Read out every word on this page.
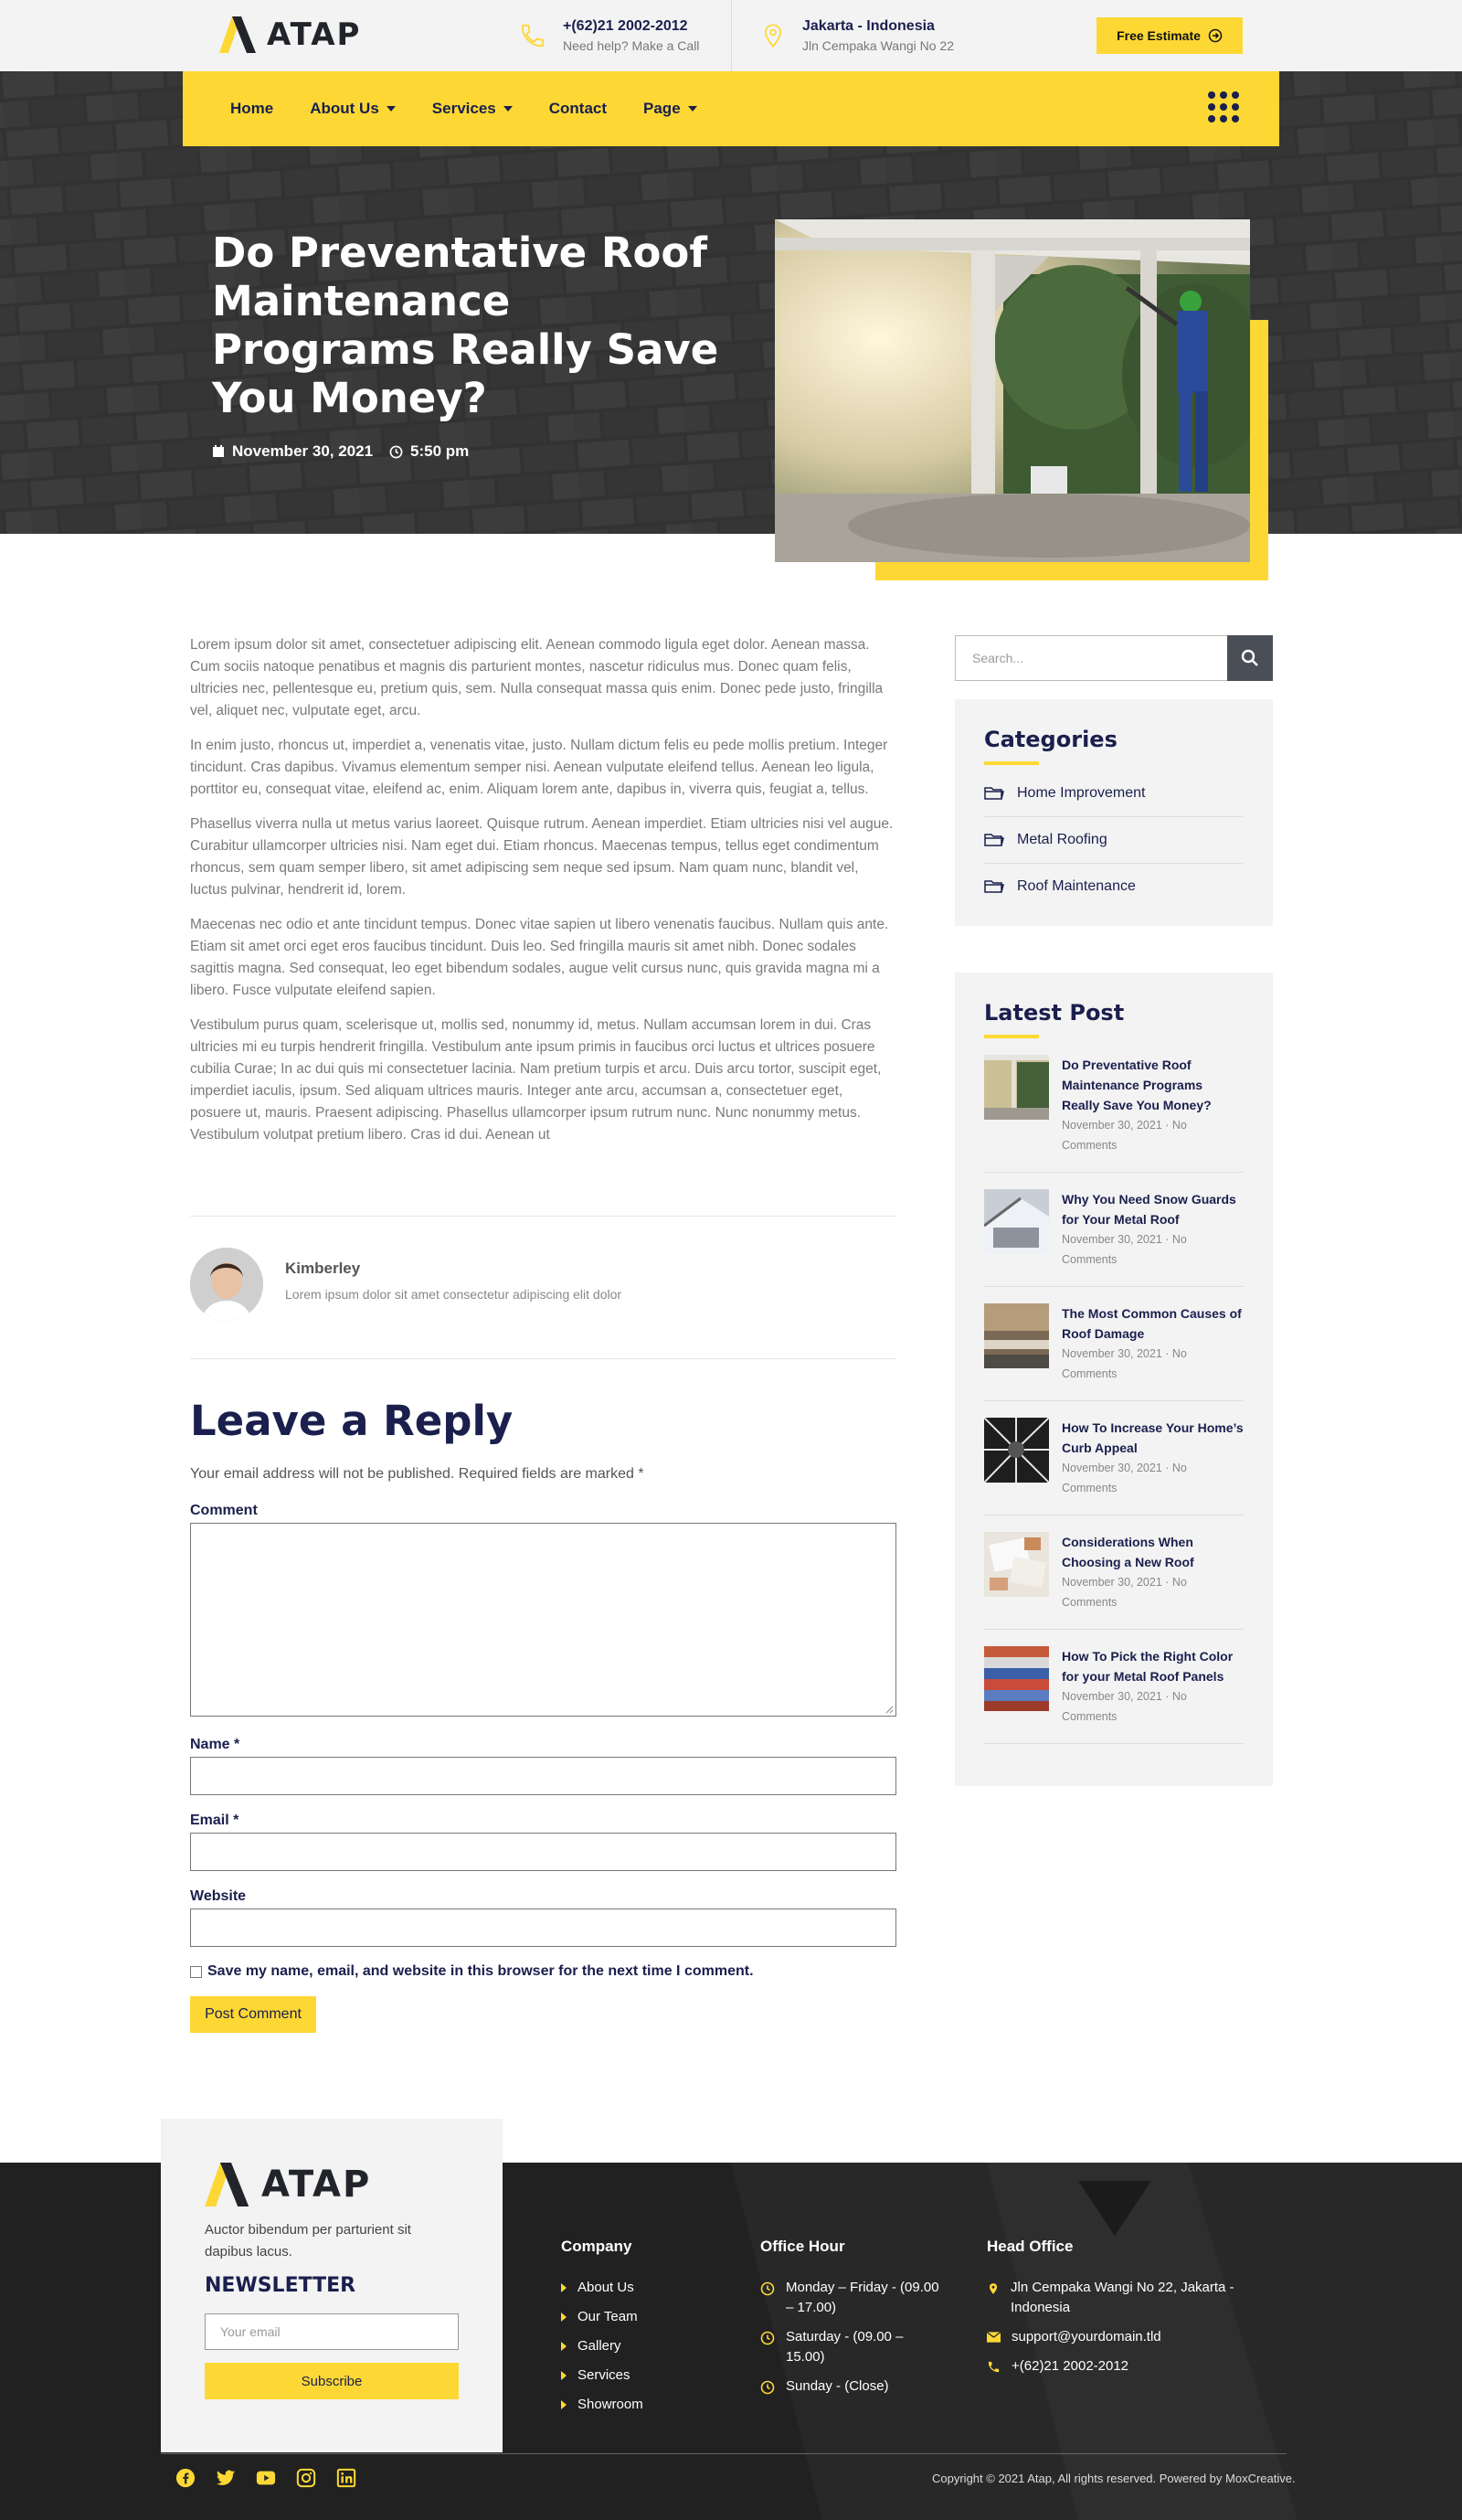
ATAP	+(62)21 2002-2012
Need help? Make a Call
Jakarta - Indonesia
Jln Cempaka Wangi No 22
Free Estimate
Home About Us	Services	Contact Page
Do Preventative Roof Maintenance Programs Really Save You Money?
November 30, 2021 5:50 pm

Lorem ipsum dolor sit amet, consectetuer adipiscing elit. Aenean commodo ligula eget dolor. Aenean massa. Cum sociis natoque penatibus et magnis dis parturient montes, nascetur ridiculus mus. Donec quam felis, ultricies nec, pellentesque eu, pretium quis, sem. Nulla consequat massa quis enim. Donec pede justo, fringilla vel, aliquet nec, vulputate eget, arcu.

In enim justo, rhoncus ut, imperdiet a, venenatis vitae, justo. Nullam dictum felis eu pede mollis pretium. Integer tincidunt. Cras dapibus. Vivamus elementum semper nisi. Aenean vulputate eleifend tellus. Aenean leo ligula, porttitor eu, consequat vitae, eleifend ac, enim. Aliquam lorem ante, dapibus in, viverra quis, feugiat a, tellus.

Phasellus viverra nulla ut metus varius laoreet. Quisque rutrum. Aenean imperdiet. Etiam ultricies nisi vel augue. Curabitur ullamcorper ultricies nisi. Nam eget dui. Etiam rhoncus. Maecenas tempus, tellus eget condimentum rhoncus, sem quam semper libero, sit amet adipiscing sem neque sed ipsum. Nam quam nunc, blandit vel, luctus pulvinar, hendrerit id, lorem.

Maecenas nec odio et ante tincidunt tempus. Donec vitae sapien ut libero venenatis faucibus. Nullam quis ante. Etiam sit amet orci eget eros faucibus tincidunt. Duis leo. Sed fringilla mauris sit amet nibh. Donec sodales sagittis magna. Sed consequat, leo eget bibendum sodales, augue velit cursus nunc, quis gravida magna mi a libero. Fusce vulputate eleifend sapien.

Vestibulum purus quam, scelerisque ut, mollis sed, nonummy id, metus. Nullam accumsan lorem in dui. Cras ultricies mi eu turpis hendrerit fringilla. Vestibulum ante ipsum primis in faucibus orci luctus et ultrices posuere cubilia Curae; In ac dui quis mi consectetuer lacinia. Nam pretium turpis et arcu. Duis arcu tortor, suscipit eget, imperdiet iaculis, ipsum. Sed aliquam ultrices mauris. Integer ante arcu, accumsan a, consectetuer eget, posuere ut, mauris. Praesent adipiscing. Phasellus ullamcorper ipsum rutrum nunc. Nunc nonummy metus. Vestibulum volutpat pretium libero. Cras id dui. Aenean ut

Kimberley
Lorem ipsum dolor sit amet consectetur adipiscing elit dolor
Leave a Reply
Your email address will not be published. Required fields are marked *
Comment
Name *
Email *
Website
Save my name, email, and website in this browser for the next time I comment.
Post Comment
Search...
Categories
Home Improvement
Metal Roofing
Roof Maintenance
Latest Post
Do Preventative Roof Maintenance Programs Really Save You Money?
November 30, 2021 · No Comments
Why You Need Snow Guards for Your Metal Roof
November 30, 2021 · No Comments
The Most Common Causes of Roof Damage
November 30, 2021 · No Comments
How To Increase Your Home’s Curb Appeal
November 30, 2021 · No Comments
Considerations When Choosing a New Roof
November 30, 2021 · No Comments
How To Pick the Right Color for your Metal Roof Panels
November 30, 2021 · No Comments
ATAP
Auctor bibendum per parturient sit dapibus lacus.
NEWSLETTER
Your email
Subscribe
Company
About Us
Our Team
Gallery
Services
Showroom
Office Hour
Monday – Friday - (09.00 – 17.00)
Saturday - (09.00 – 15.00)
Sunday - (Close)
Head Office
Jln Cempaka Wangi No 22, Jakarta - Indonesia
support@yourdomain.tld
+(62)21 2002-2012
Copyright © 2021 Atap, All rights reserved. Powered by MoxCreative.
